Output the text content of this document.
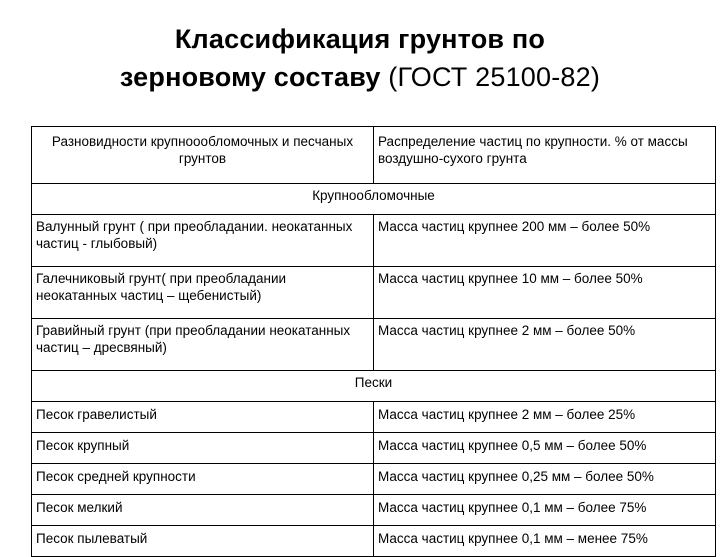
Классификация грунтов по
зерновому составу (ГОСТ 25100-82)
Разновидности крупноообломочных и песчаных грунтов	Распределение частиц по крупности. % от массы воздушно-сухого грунта
Крупнообломочные	
Валунный грунт ( при преобладании. неокатанных частиц - глыбовый)	Масса частиц крупнее 200 мм – более 50%
Галечниковый грунт( при преобладании неокатанных частиц – щебенистый)	Масса частиц крупнее 10 мм – более 50%
Гравийный грунт (при преобладании неокатанных частиц – дресвяный)	Масса частиц крупнее 2 мм – более 50%
Пески	
Песок гравелистый	Масса частиц крупнее 2 мм – более 25%
Песок крупный	Масса частиц крупнее 0,5 мм – более 50%
Песок средней крупности	Масса частиц крупнее 0,25 мм – более 50%
Песок мелкий	Масса частиц крупнее 0,1 мм – более 75%
Песок пылеватый	Масса частиц крупнее 0,1 мм – менее 75%
